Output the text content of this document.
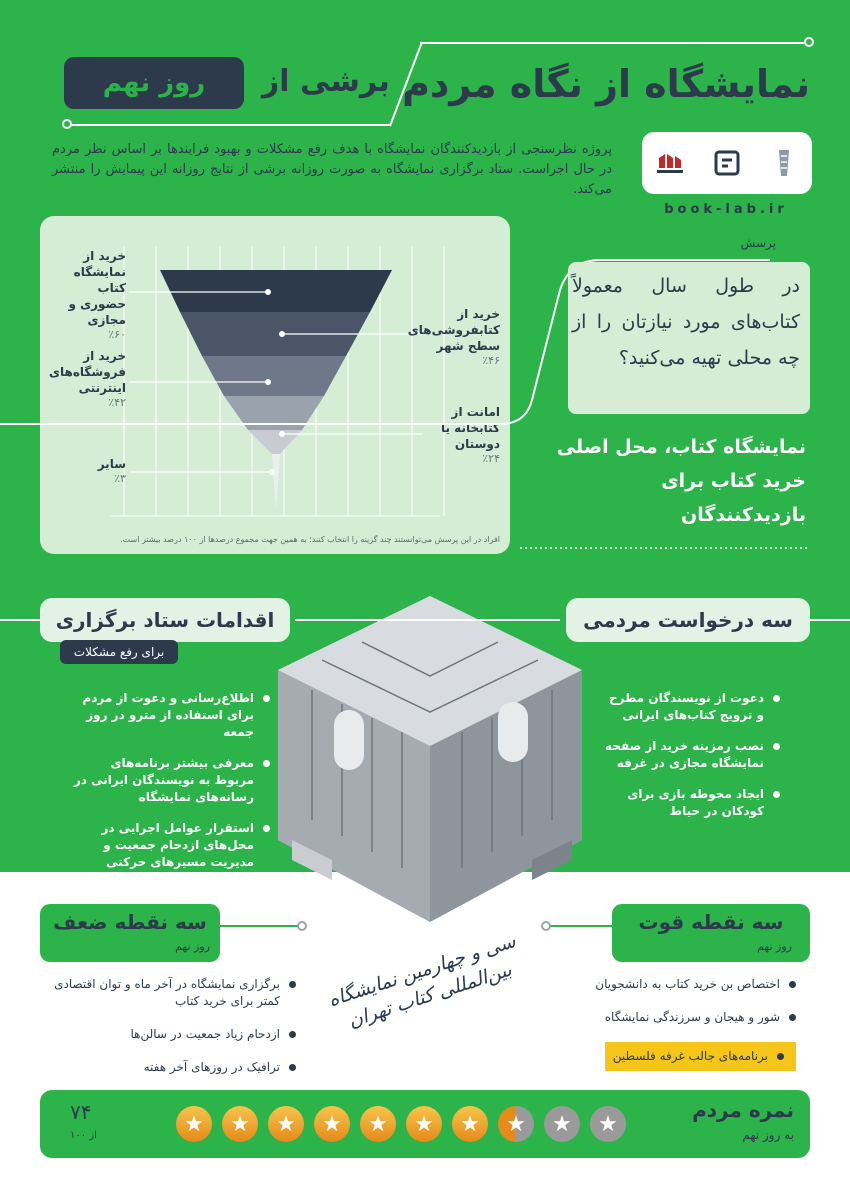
نمایشگاه از نگاه مردم
برشی از
روز نهم
پروژه نظرسنجی از بازدیدکنندگان نمایشگاه با هدف رفع مشکلات و بهبود فرایندها بر اساس نظر مردم در حال اجراست. ستاد برگزاری نمایشگاه به صورت روزانه برشی از نتایج روزانه این پیمایش را منتشر می‌کند.
book-lab.ir
خرید از نمایشگاه کتاب حضوری و مجازی
٪۶۰
خرید از فروشگاه‌های اینترنتی
٪۴۲
سایر
٪۳
خرید از کتابفروشی‌های سطح شهر
٪۴۶
امانت از کتابخانه یا دوستان
٪۲۴
افراد در این پرسش می‌توانستند چند گزینه را انتخاب کنند؛ به همین جهت مجموع درصدها از ۱۰۰ درصد بیشتر است.
پرسش
در طول سال معمولاً کتاب‌های مورد نیازتان را از چه محلی تهیه می‌کنید؟
نمایشگاه کتاب، محل اصلی خرید کتاب برای بازدیدکنندگان
اقدامات ستاد برگزاری
برای رفع مشکلات
اطلاع‌رسانی و دعوت از مردم برای استفاده از مترو در روز جمعه
معرفی بیشتر برنامه‌های مربوط به نویسندگان ایرانی در رسانه‌های نمایشگاه
استقرار عوامل اجرایی در محل‌های ازدحام جمعیت و مدیریت مسیرهای حرکتی بازدیدکنندگان
سه درخواست مردمی
دعوت از نویسندگان مطرح و ترویج کتاب‌های ایرانی
نصب رمزینه خرید از صفحه نمایشگاه مجازی در غرفه
ایجاد محوطه بازی برای کودکان در حیاط
سه نقطه ضعف
روز نهم
برگزاری نمایشگاه در آخر ماه و توان اقتصادی کمتر برای خرید کتاب
ازدحام زیاد جمعیت در سالن‌ها
ترافیک در روزهای آخر هفته
سی و چهارمین نمایشگاه بین‌المللی کتاب تهران
سه نقطه قوت
روز نهم
اختصاص بن خرید کتاب به دانشجویان
شور و هیجان و سرزندگی نمایشگاه
برنامه‌های جالب غرفه فلسطین
نمره مردم
به روز نهم
۷۴
از ۱۰۰	★	★	★	★	★	★	★	★	★	★
